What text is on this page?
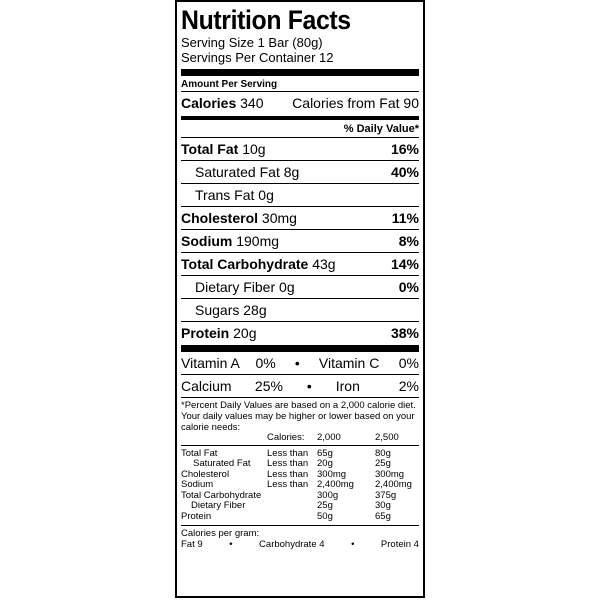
Nutrition Facts
Serving Size 1 Bar (80g)
Servings Per Container 12
Amount Per Serving
Calories 340 Calories from Fat 90
% Daily Value*
Total Fat 10g	16%
Saturated Fat 8g	40%
Trans Fat 0g
Cholesterol 30mg	11%
Sodium 190mg	8%
Total Carbohydrate 43g	14%
Dietary Fiber 0g	0%
Sugars 28g
Protein 20g	38%
Vitamin A 0% • Vitamin C 0%
Calcium 25% • Iron	2%
*Percent Daily Values are based on a 2,000 calorie diet. Your daily values may be higher or lower based on your calorie needs:
	Calories:	2,000	2,500
Total Fat	Less than	65g	80g
Saturated Fat	Less than	20g	25g
Cholesterol	Less than	300mg	300mg
Sodium	Less than	2,400mg	2,400mg
Total Carbohydrate		300g	375g
Dietary Fiber		25g	30g
Protein		50g	65g
Calories per gram:
Fat 9	•	Carbohydrate 4	•	Protein 4
